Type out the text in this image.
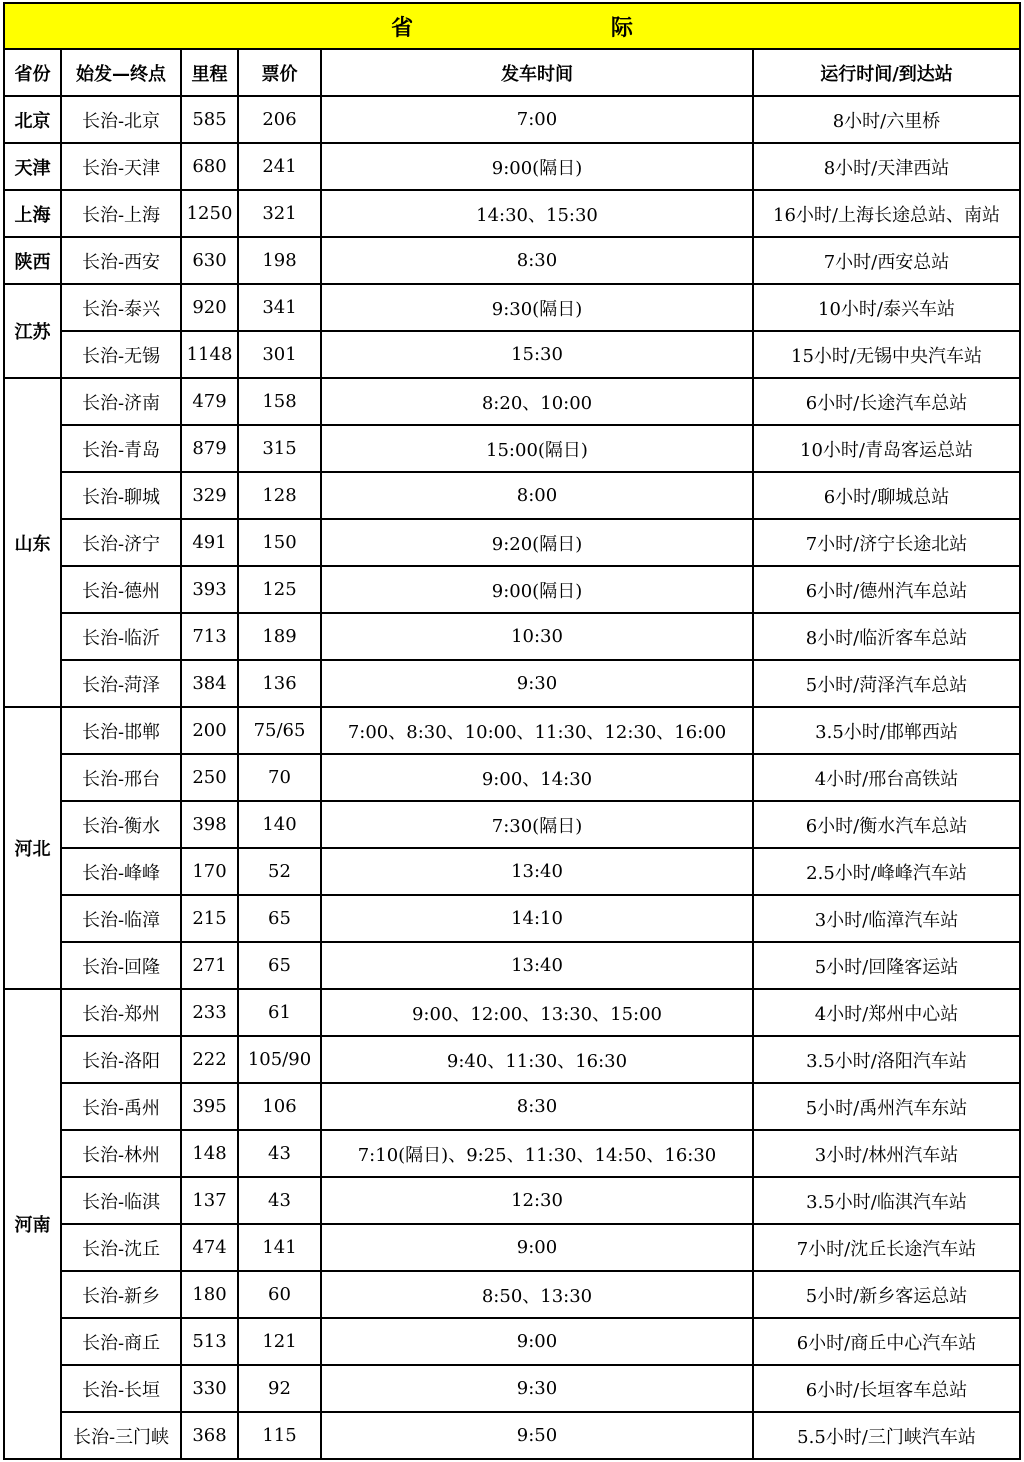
省 际					
省份	始发—终点	里程	票价	发车时间	运行时间/到达站
北京	长治-北京	585	206	7:00	8小时/六里桥
天津	长治-天津	680	241	9:00(隔日)	8小时/天津西站
上海	长治-上海	1250	321	14:30、15:30	16小时/上海长途总站、南站
陕西	长治-西安	630	198	8:30	7小时/西安总站
江苏	长治-泰兴	920	341	9:30(隔日)	10小时/泰兴车站
	长治-无锡	1148	301	15:30	15小时/无锡中央汽车站
山东	长治-济南	479	158	8:20、10:00	6小时/长途汽车总站
	长治-青岛	879	315	15:00(隔日)	10小时/青岛客运总站
	长治-聊城	329	128	8:00	6小时/聊城总站
	长治-济宁	491	150	9:20(隔日)	7小时/济宁长途北站
	长治-德州	393	125	9:00(隔日)	6小时/德州汽车总站
	长治-临沂	713	189	10:30	8小时/临沂客车总站
	长治-菏泽	384	136	9:30	5小时/菏泽汽车总站
河北	长治-邯郸	200	75/65	7:00、8:30、10:00、11:30、12:30、16:00	3.5小时/邯郸西站
	长治-邢台	250	70	9:00、14:30	4小时/邢台高铁站
	长治-衡水	398	140	7:30(隔日)	6小时/衡水汽车总站
	长治-峰峰	170	52	13:40	2.5小时/峰峰汽车站
	长治-临漳	215	65	14:10	3小时/临漳汽车站
	长治-回隆	271	65	13:40	5小时/回隆客运站
河南	长治-郑州	233	61	9:00、12:00、13:30、15:00	4小时/郑州中心站
	长治-洛阳	222	105/90	9:40、11:30、16:30	3.5小时/洛阳汽车站
	长治-禹州	395	106	8:30	5小时/禹州汽车东站
	长治-林州	148	43	7:10(隔日)、9:25、11:30、14:50、16:30	3小时/林州汽车站
	长治-临淇	137	43	12:30	3.5小时/临淇汽车站
	长治-沈丘	474	141	9:00	7小时/沈丘长途汽车站
	长治-新乡	180	60	8:50、13:30	5小时/新乡客运总站
	长治-商丘	513	121	9:00	6小时/商丘中心汽车站
	长治-长垣	330	92	9:30	6小时/长垣客车总站
	长治-三门峡	368	115	9:50	5.5小时/三门峡汽车站
